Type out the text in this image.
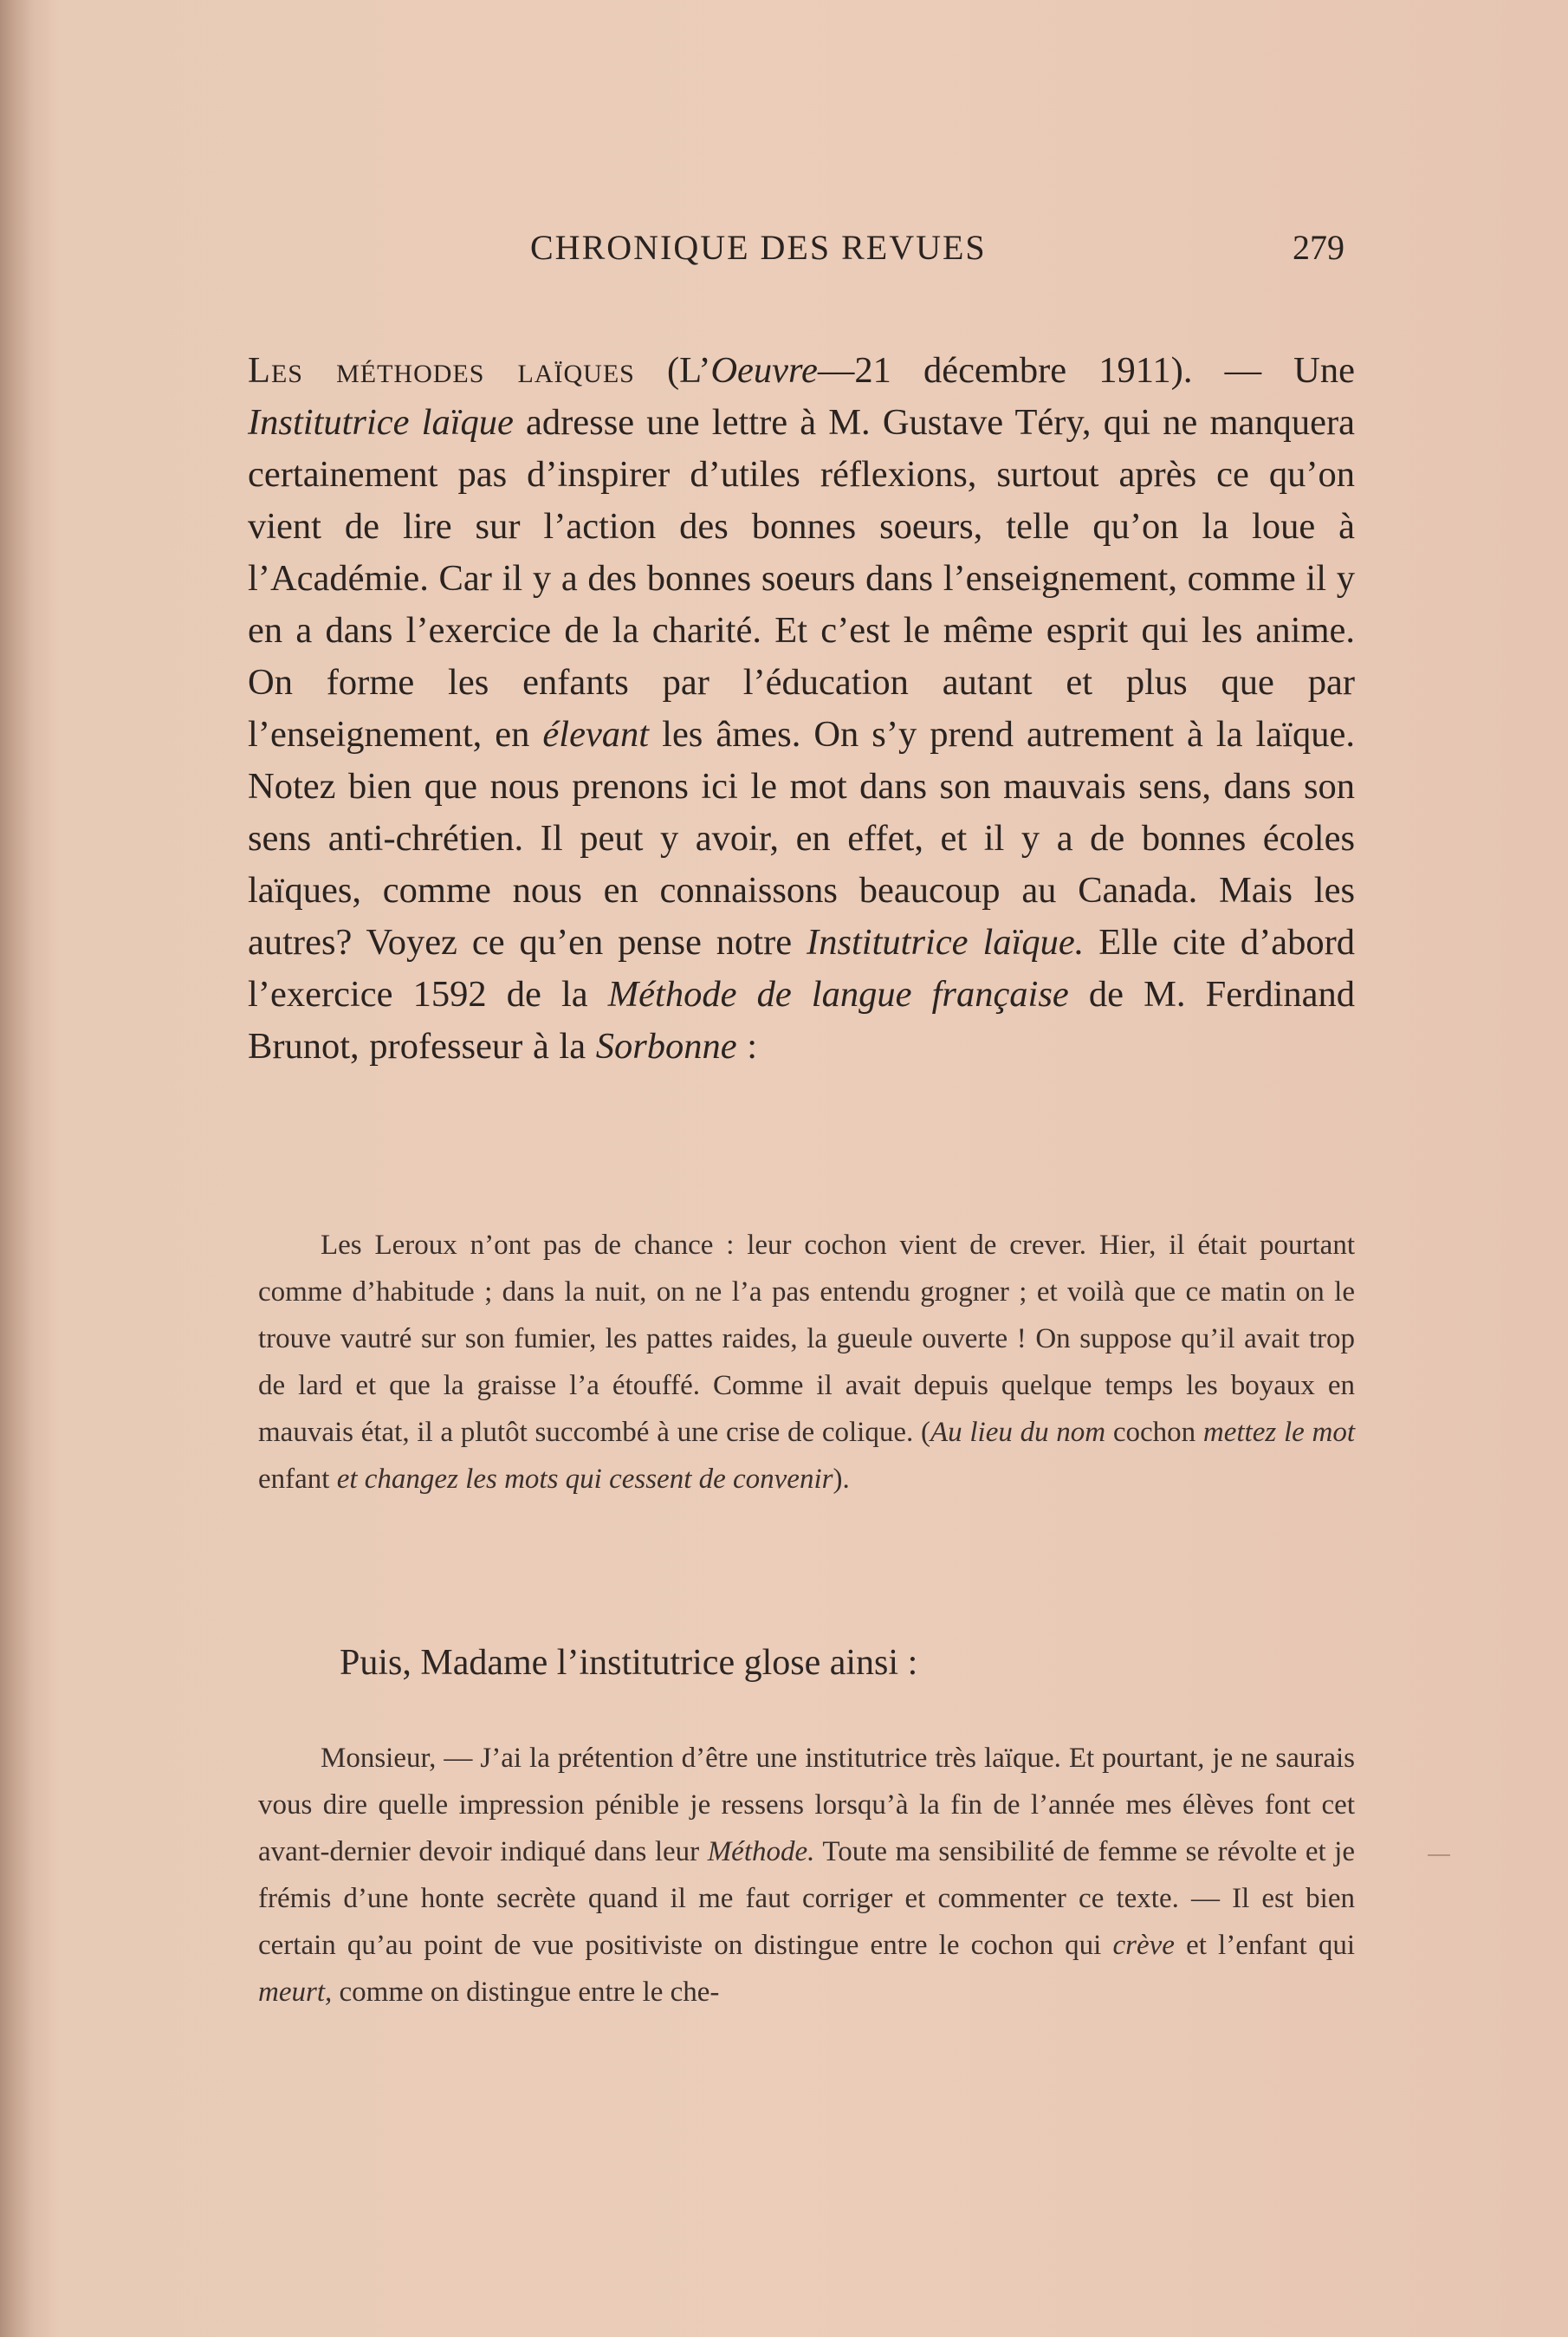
CHRONIQUE DES REVUES	279

Les méthodes laïques (L’Oeuvre—21 décembre 1911). — Une Institutrice laïque adresse une lettre à M. Gustave Téry, qui ne manquera certainement pas d’inspirer d’utiles réflexions, surtout après ce qu’on vient de lire sur l’action des bonnes soeurs, telle qu’on la loue à l’Académie. Car il y a des bonnes soeurs dans l’enseignement, comme il y en a dans l’exercice de la charité. Et c’est le même esprit qui les anime. On forme les enfants par l’éducation autant et plus que par l’enseignement, en élevant les âmes. On s’y prend autrement à la laïque. Notez bien que nous prenons ici le mot dans son mauvais sens, dans son sens anti-chrétien. Il peut y avoir, en effet, et il y a de bonnes écoles laïques, comme nous en connaissons beaucoup au Canada. Mais les autres? Voyez ce qu’en pense notre Institutrice laïque. Elle cite d’abord l’exercice 1592 de la Méthode de langue française de M. Ferdinand Brunot, professeur à la Sorbonne :

Les Leroux n’ont pas de chance : leur cochon vient de crever. Hier, il était pourtant comme d’habitude ; dans la nuit, on ne l’a pas entendu grogner ; et voilà que ce matin on le trouve vautré sur son fumier, les pattes raides, la gueule ouverte ! On suppose qu’il avait trop de lard et que la graisse l’a étouffé. Comme il avait depuis quelque temps les boyaux en mauvais état, il a plutôt succombé à une crise de colique. (Au lieu du nom cochon mettez le mot enfant et changez les mots qui cessent de convenir).

Puis, Madame l’institutrice glose ainsi :

Monsieur, — J’ai la prétention d’être une institutrice très laïque. Et pourtant, je ne saurais vous dire quelle impression pénible je ressens lorsqu’à la fin de l’année mes élèves font cet avant-dernier devoir indiqué dans leur Méthode. Toute ma sensibilité de femme se révolte et je frémis d’une honte secrète quand il me faut corriger et commenter ce texte. — Il est bien certain qu’au point de vue positiviste on distingue entre le cochon qui crève et l’enfant qui meurt, comme on distingue entre le che-
